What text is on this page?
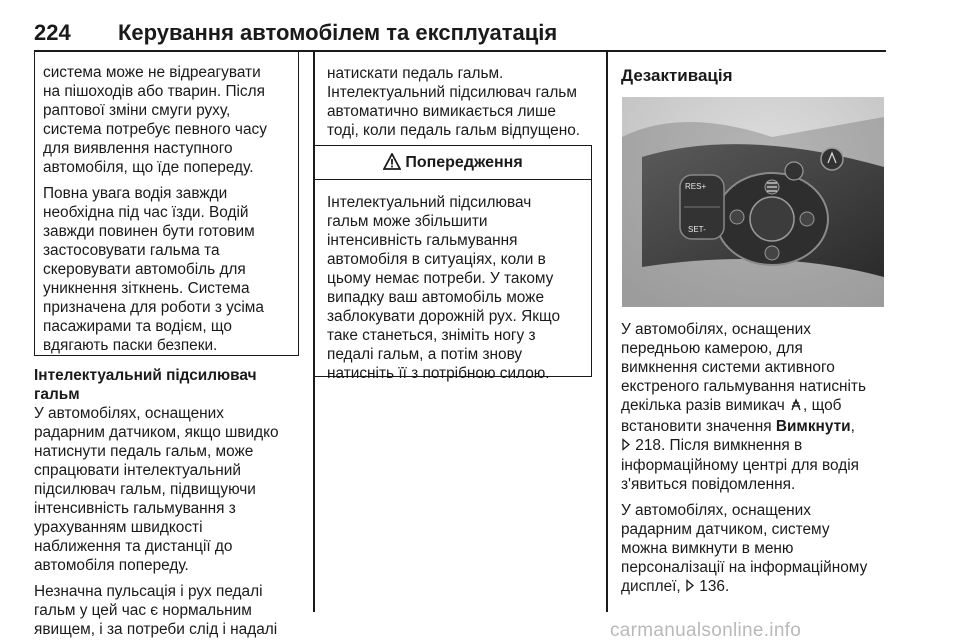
224 Керування автомобілем та експлуатація

система може не відреагувати
на пішоходів або тварин. Після
раптової зміни смуги руху,
система потребує певного часу
для виявлення наступного
автомобіля, що їде попереду.

Повна увага водія завжди
необхідна під час їзди. Водій
завжди повинен бути готовим
застосовувати гальма та
скеровувати автомобіль для
уникнення зіткнень. Система
призначена для роботи з усіма
пасажирами та водієм, що
вдягають паски безпеки.

Інтелектуальний підсилювач гальм

У автомобілях, оснащених
радарним датчиком, якщо швидко
натиснути педаль гальм, може
спрацювати інтелектуальний
підсилювач гальм, підвищуючи
інтенсивність гальмування з
урахуванням швидкості
наближення та дистанції до
автомобіля попереду.

Незначна пульсація і рух педалі
гальм у цей час є нормальним
явищем, і за потреби слід і надалі

натискати педаль гальм.
Інтелектуальний підсилювач гальм
автоматично вимикається лише
тоді, коли педаль гальм відпущено.

Попередження
Інтелектуальний підсилювач
гальм може збільшити
інтенсивність гальмування
автомобіля в ситуаціях, коли в
цьому немає потреби. У такому
випадку ваш автомобіль може
заблокувати дорожній рух. Якщо
таке станеться, зніміть ногу з
педалі гальм, а потім знову
натисніть її з потрібною силою.

Дезактивація

RES+
SET-

У автомобілях, оснащених
передньою камерою, для
вимкнення системи активного
екстреного гальмування натисніть
декілька разів вимикач , щоб
встановити значення Вимкнути,
218. Після вимкнення в
інформаційному центрі для водія
з'явиться повідомлення.

У автомобілях, оснащених
радарним датчиком, систему
можна вимкнути в меню
персоналізації на інформаційному
дисплеї, 136.

carmanualsonline.info
